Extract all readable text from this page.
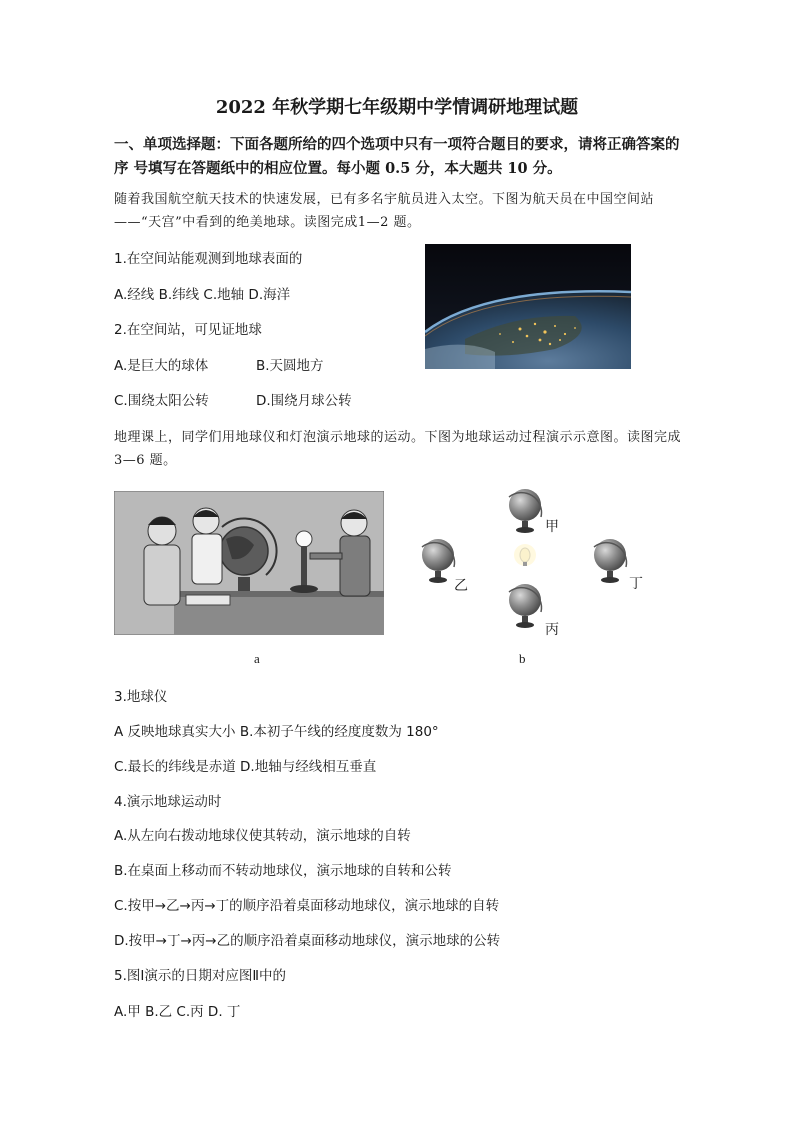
2022 年秋学期七年级期中学情调研地理试题
一、单项选择题：下面各题所给的四个选项中只有一项符合题目的要求，请将正确答案的序 号填写在答题纸中的相应位置。每小题 0.5 分，本大题共 10 分。
随着我国航空航天技术的快速发展，已有多名宇航员进入太空。下图为航天员在中国空间站——“天宫”中看到的绝美地球。读图完成1—2 题。
1.在空间站能观测到地球表面的
A.经线 B.纬线 C.地轴 D.海洋
2.在空间站，可见证地球
A.是巨大的球体	B.天圆地方
C.围绕太阳公转	D.围绕月球公转
地理课上，同学们用地球仪和灯泡演示地球的运动。下图为地球运动过程演示示意图。读图完成3—6 题。
甲
乙	丁
丙
a	b
3.地球仪
A 反映地球真实大小 B.本初子午线的经度度数为 180°
C.最长的纬线是赤道 D.地轴与经线相互垂直
4.演示地球运动时
A.从左向右拨动地球仪使其转动，演示地球的自转
B.在桌面上移动而不转动地球仪，演示地球的自转和公转
C.按甲→乙→丙→丁的顺序沿着桌面移动地球仪，演示地球的自转
D.按甲→丁→丙→乙的顺序沿着桌面移动地球仪，演示地球的公转
5.图Ⅰ演示的日期对应图Ⅱ中的
A.甲 B.乙 C.丙 D. 丁
